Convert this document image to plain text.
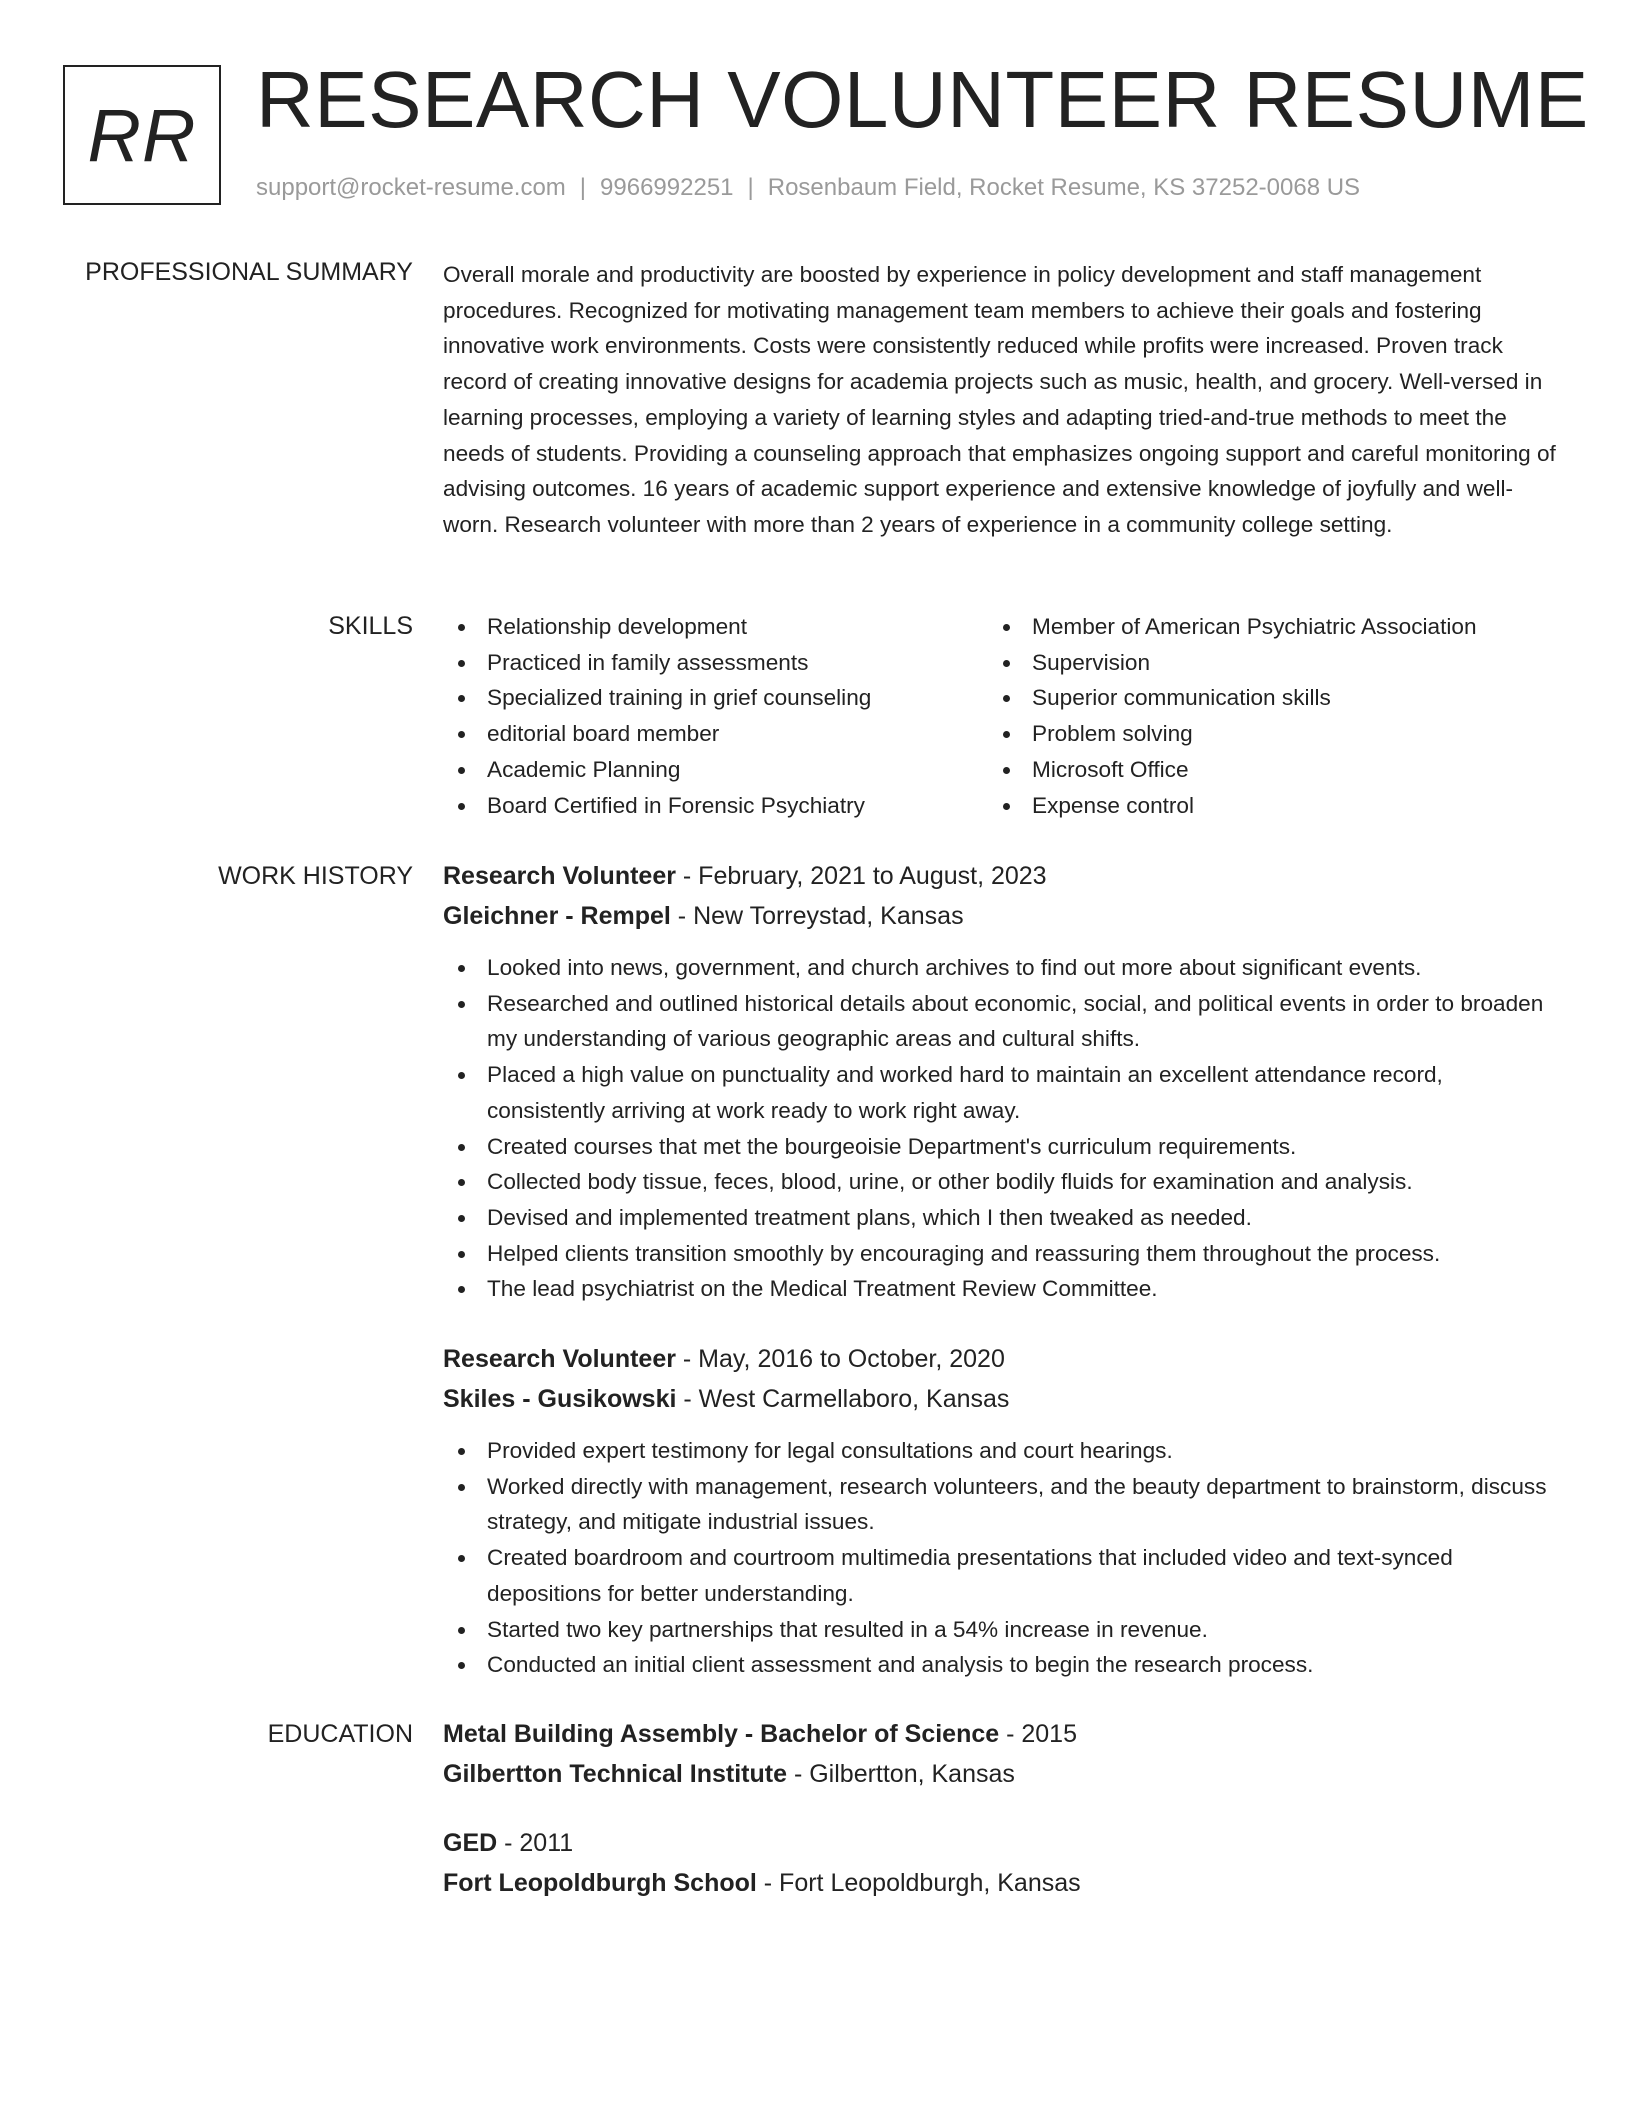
RR RESEARCH VOLUNTEER RESUME
support@rocket-resume.com | 9966992251 | Rosenbaum Field, Rocket Resume, KS 37252-0068 US
PROFESSIONAL SUMMARY Overall morale and productivity are boosted by experience in policy development and staff management procedures. Recognized for motivating management team members to achieve their goals and fostering innovative work environments. Costs were consistently reduced while profits were increased. Proven track record of creating innovative designs for academia projects such as music, health, and grocery. Well-versed in learning processes, employing a variety of learning styles and adapting tried-and-true methods to meet the needs of students. Providing a counseling approach that emphasizes ongoing support and careful monitoring of advising outcomes. 16 years of academic support experience and extensive knowledge of joyfully and well-worn. Research volunteer with more than 2 years of experience in a community college setting.

SKILLS	Relationship development
Practiced in family assessments
Specialized training in grief counseling
editorial board member
Academic Planning
Board Certified in Forensic Psychiatry
Member of American Psychiatric Association
Supervision
Superior communication skills
Problem solving
Microsoft Office
Expense control
WORK HISTORY Research Volunteer - February, 2021 to August, 2023
Gleichner - Rempel - New Torreystad, Kansas
Looked into news, government, and church archives to find out more about significant events.
Researched and outlined historical details about economic, social, and political events in order to broaden my understanding of various geographic areas and cultural shifts.
Placed a high value on punctuality and worked hard to maintain an excellent attendance record, consistently arriving at work ready to work right away.
Created courses that met the bourgeoisie Department's curriculum requirements.
Collected body tissue, feces, blood, urine, or other bodily fluids for examination and analysis.
Devised and implemented treatment plans, which I then tweaked as needed.
Helped clients transition smoothly by encouraging and reassuring them throughout the process.
The lead psychiatrist on the Medical Treatment Review Committee.
Research Volunteer - May, 2016 to October, 2020
Skiles - Gusikowski - West Carmellaboro, Kansas
Provided expert testimony for legal consultations and court hearings.
Worked directly with management, research volunteers, and the beauty department to brainstorm, discuss strategy, and mitigate industrial issues.
Created boardroom and courtroom multimedia presentations that included video and text-synced depositions for better understanding.
Started two key partnerships that resulted in a 54% increase in revenue.
Conducted an initial client assessment and analysis to begin the research process.
EDUCATION Metal Building Assembly - Bachelor of Science - 2015
Gilbertton Technical Institute - Gilbertton, Kansas
GED - 2011
Fort Leopoldburgh School - Fort Leopoldburgh, Kansas
